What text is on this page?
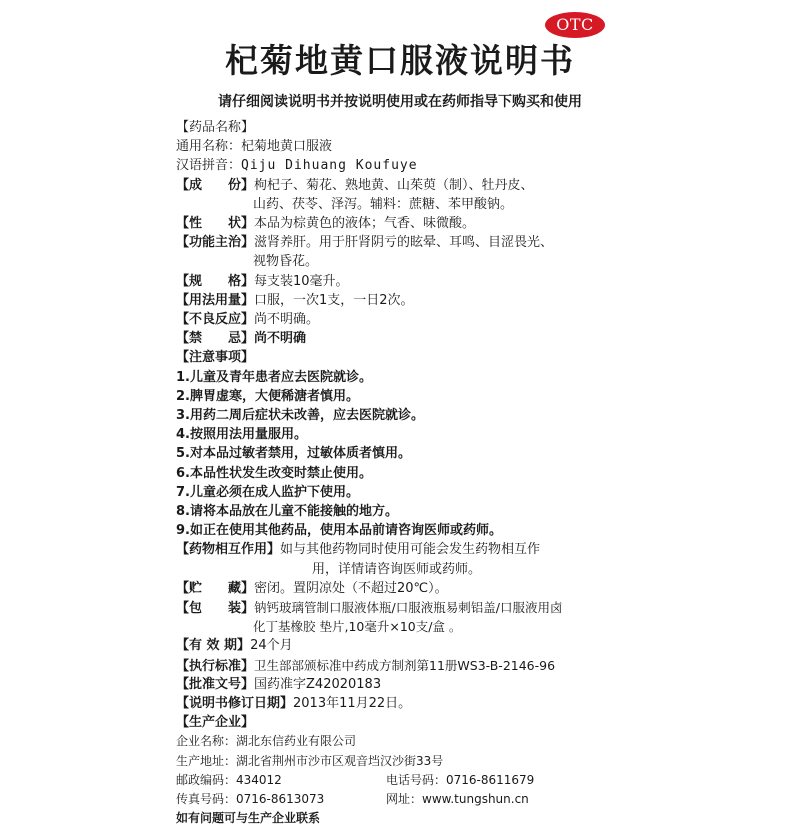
OTC
杞菊地黄口服液说明书
请仔细阅读说明书并按说明使用或在药师指导下购买和使用
【药品名称】
通用名称：杞菊地黄口服液
汉语拼音：Qiju Dihuang Koufuye
【成　　份】枸杞子、菊花、熟地黄、山茱萸（制）、牡丹皮、
山药、茯苓、泽泻。辅料：蔗糖、苯甲酸钠。
【性　　状】本品为棕黄色的液体；气香、味微酸。
【功能主治】滋肾养肝。用于肝肾阴亏的眩晕、耳鸣、目涩畏光、
视物昏花。
【规　　格】每支装10毫升。
【用法用量】口服，一次1支，一日2次。
【不良反应】尚不明确。
【禁　　忌】尚不明确
【注意事项】
1.儿童及青年患者应去医院就诊。
2.脾胃虚寒，大便稀溏者慎用。
3.用药二周后症状未改善，应去医院就诊。
4.按照用法用量服用。
5.对本品过敏者禁用，过敏体质者慎用。
6.本品性状发生改变时禁止使用。
7.儿童必须在成人监护下使用。
8.请将本品放在儿童不能接触的地方。
9.如正在使用其他药品，使用本品前请咨询医师或药师。
【药物相互作用】如与其他药物同时使用可能会发生药物相互作
用，详情请咨询医师或药师。
【贮　　藏】密闭。置阴凉处（不超过20℃）。
【包　　装】钠钙玻璃管制口服液体瓶/口服液瓶易刺铝盖/口服液用卤
化丁基橡胶 垫片,10毫升×10支/盒 。
【有 效 期】24个月
【执行标准】卫生部部颁标准中药成方制剂第11册WS3-B-2146-96
【批准文号】国药准字Z42020183
【说明书修订日期】2013年11月22日。
【生产企业】
企业名称：湖北东信药业有限公司
生产地址：湖北省荆州市沙市区观音垱汉沙街33号
邮政编码：434012	电话号码：0716-8611679
传真号码：0716-8613073	网址：www.tungshun.cn
如有问题可与生产企业联系
